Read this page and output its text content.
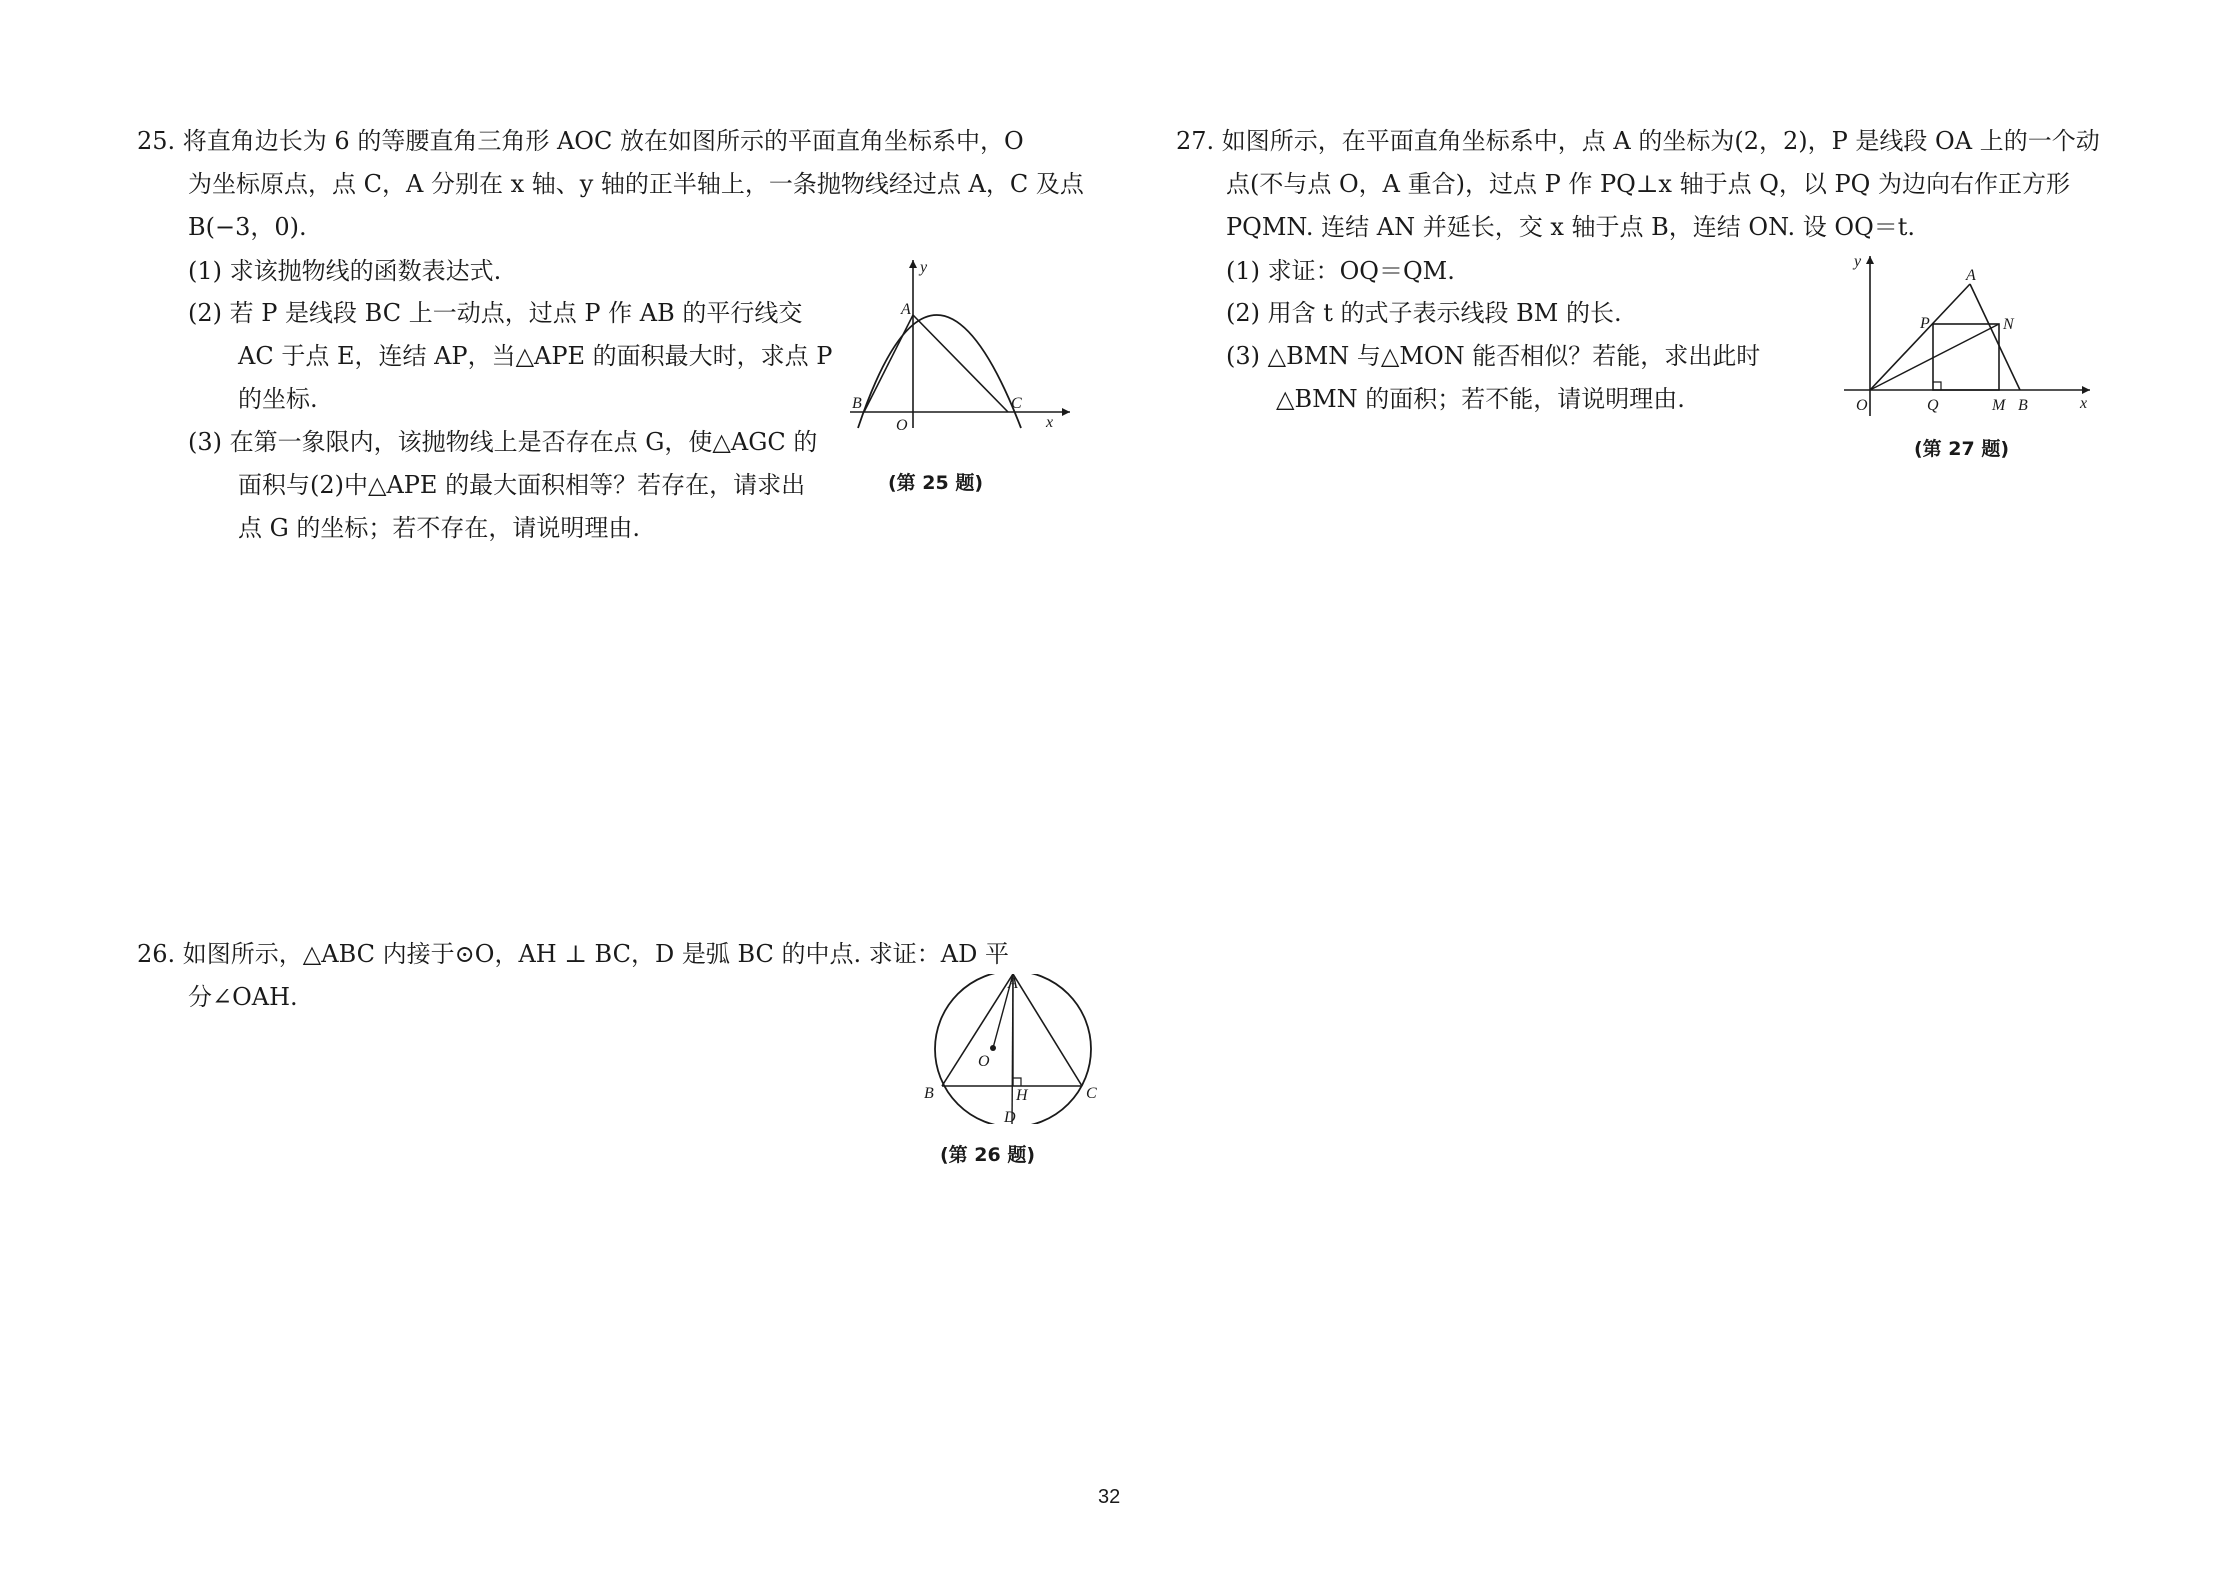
25. 将直角边长为 6 的等腰直角三角形 AOC 放在如图所示的平面直角坐标系中，O
为坐标原点，点 C，A 分别在 x 轴、y 轴的正半轴上，一条抛物线经过点 A，C 及点
B(−3，0).
(1) 求该抛物线的函数表达式.
(2) 若 P 是线段 BC 上一动点，过点 P 作 AB 的平行线交
AC 于点 E，连结 AP，当△APE 的面积最大时，求点 P
的坐标.
(3) 在第一象限内，该抛物线上是否存在点 G，使△AGC 的
面积与(2)中△APE 的最大面积相等？若存在，请求出
点 G 的坐标；若不存在，请说明理由.
A
B	C
O	x
y
(第 25 题)
26. 如图所示，△ABC 内接于⊙O，AH ⊥ BC，D 是弧 BC 的中点. 求证：AD 平
分∠OAH.	A
B	C
O
H
D
(第 26 题)
27. 如图所示，在平面直角坐标系中，点 A 的坐标为(2，2)，P 是线段 OA 上的一个动
点(不与点 O，A 重合)，过点 P 作 PQ⊥x 轴于点 Q，以 PQ 为边向右作正方形
PQMN. 连结 AN 并延长，交 x 轴于点 B，连结 ON. 设 OQ＝t.
(1) 求证：OQ＝QM.
(2) 用含 t 的式子表示线段 BM 的长.
(3) △BMN 与△MON 能否相似？若能，求出此时
△BMN 的面积；若不能，请说明理由.
A
P	N
O	Q	M B	x
y
(第 27 题)
32
